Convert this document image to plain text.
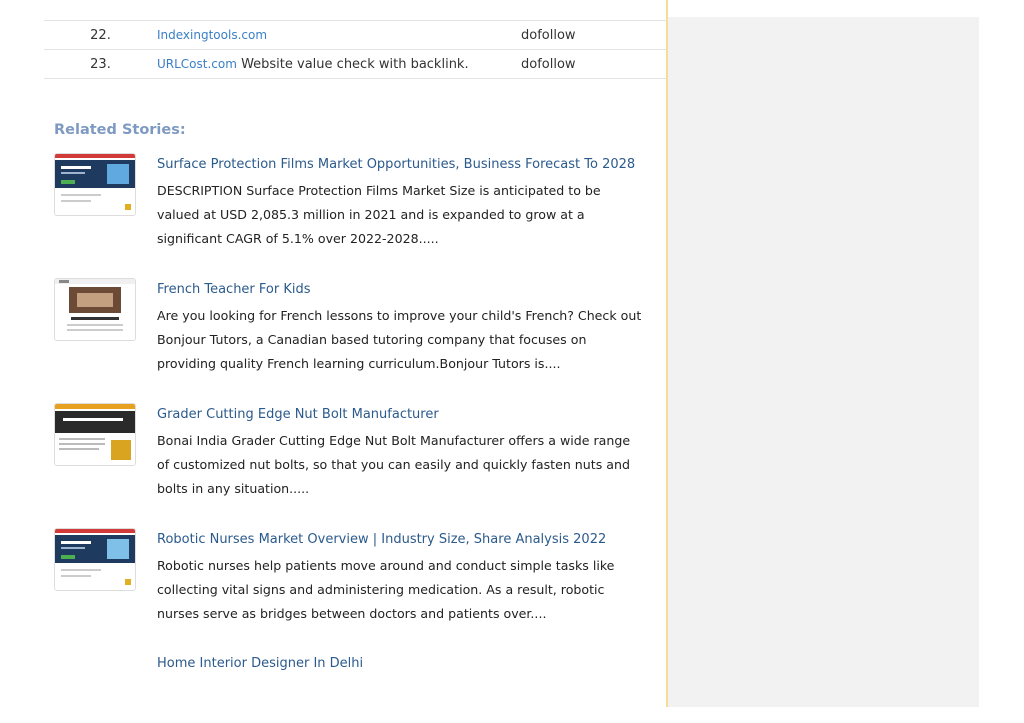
22.	Indexingtools.com	dofollow
23.	URLCost.com Website value check with backlink.	dofollow
Related Stories:
Surface Protection Films Market Opportunities, Business Forecast To 2028

DESCRIPTION Surface Protection Films Market Size is anticipated to be valued at USD 2,085.3 million in 2021 and is expanded to grow at a significant CAGR of 5.1% over 2022-2028.....

French Teacher For Kids

Are you looking for French lessons to improve your child's French? Check out Bonjour Tutors, a Canadian based tutoring company that focuses on providing quality French learning curriculum.Bonjour Tutors is....

Grader Cutting Edge Nut Bolt Manufacturer

Bonai India Grader Cutting Edge Nut Bolt Manufacturer offers a wide range of customized nut bolts, so that you can easily and quickly fasten nuts and bolts in any situation.....

Robotic Nurses Market Overview | Industry Size, Share Analysis 2022

Robotic nurses help patients move around and conduct simple tasks like collecting vital signs and administering medication. As a result, robotic nurses serve as bridges between doctors and patients over....

Home Interior Designer In Delhi
